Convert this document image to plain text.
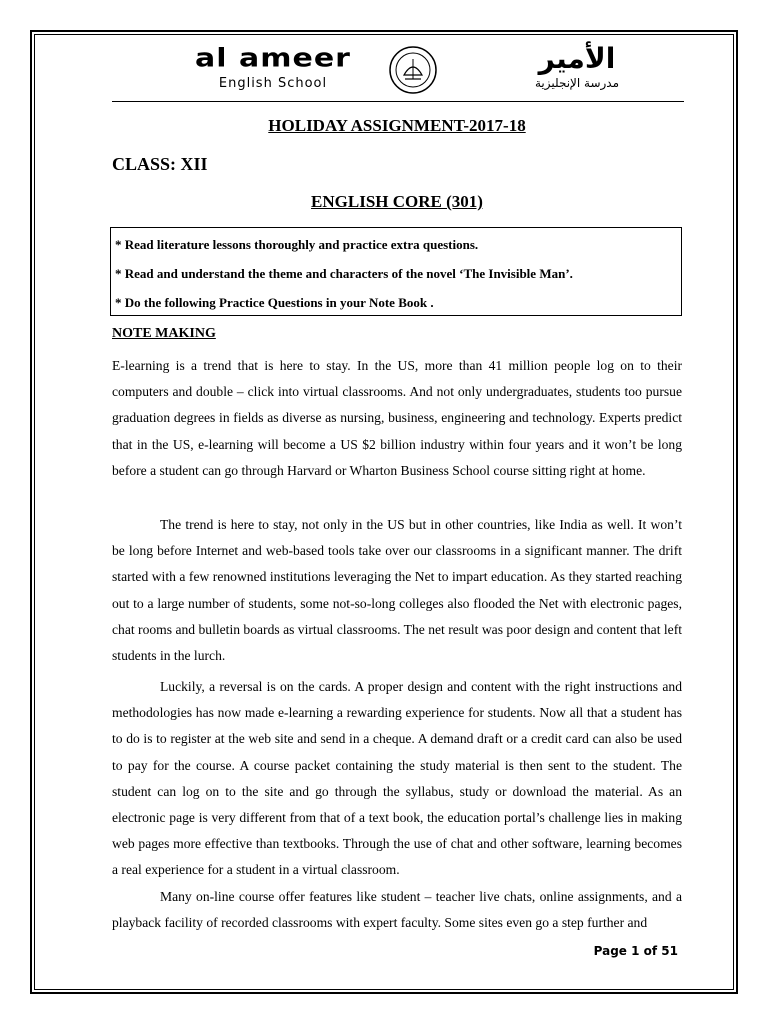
al ameer
English School
الأمير
مدرسة الإنجليزية
HOLIDAY ASSIGNMENT-2017-18
CLASS: XII
ENGLISH CORE (301)
* Read literature lessons thoroughly and practice extra questions.
* Read and understand the theme and characters of the novel ‘The Invisible Man’.
* Do the following Practice Questions in your Note Book .
NOTE MAKING
E-learning is a trend that is here to stay. In the US, more than 41 million people log on to their computers and double – click into virtual classrooms. And not only undergraduates, students too pursue graduation degrees in fields as diverse as nursing, business, engineering and technology. Experts predict that in the US, e-learning will become a US $2 billion industry within four years and it won’t be long before a student can go through Harvard or Wharton Business School course sitting right at home.
The trend is here to stay, not only in the US but in other countries, like India as well. It won’t be long before Internet and web-based tools take over our classrooms in a significant manner. The drift started with a few renowned institutions leveraging the Net to impart education. As they started reaching out to a large number of students, some not-so-long colleges also flooded the Net with electronic pages, chat rooms and bulletin boards as virtual classrooms. The net result was poor design and content that left students in the lurch.
Luckily, a reversal is on the cards. A proper design and content with the right instructions and methodologies has now made e-learning a rewarding experience for students. Now all that a student has to do is to register at the web site and send in a cheque. A demand draft or a credit card can also be used to pay for the course. A course packet containing the study material is then sent to the student. The student can log on to the site and go through the syllabus, study or download the material. As an electronic page is very different from that of a text book, the education portal’s challenge lies in making web pages more effective than textbooks. Through the use of chat and other software, learning becomes a real experience for a student in a virtual classroom.
Many on-line course offer features like student – teacher live chats, online assignments, and a playback facility of recorded classrooms with expert faculty. Some sites even go a step further and
Page 1 of 51
